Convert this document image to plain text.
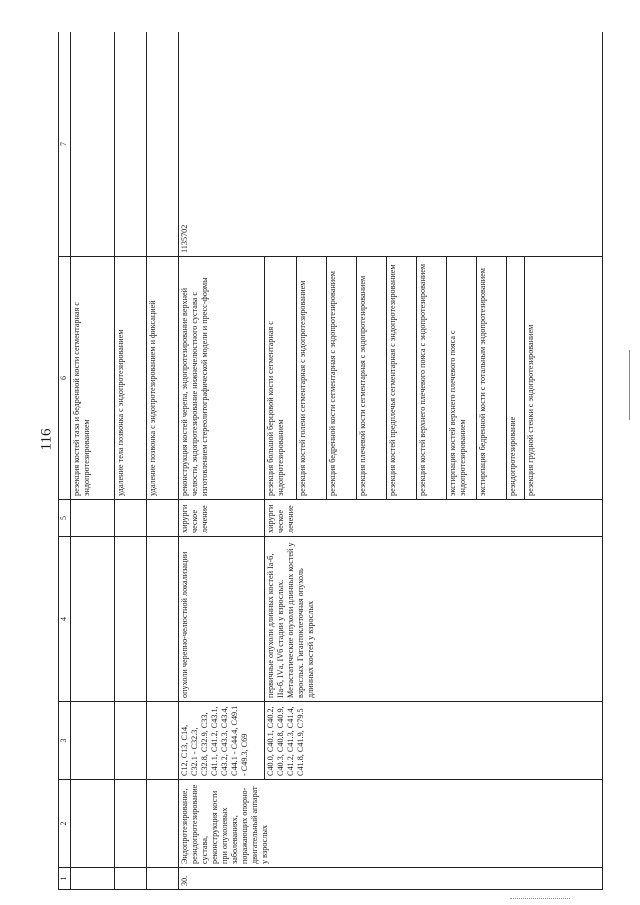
116
1	2	3	4	5	6	7
					резекция костей таза и бедренной кости сегментарная с эндопротезированием	
					удаление тела позвонка с эндопротезированием	
					удаление позвонка с эндопротезированием и фиксацией	
30.	Эндопротезирование, реэндопротезирование сустава, реконструкция кости при опухолевых заболеваниях, поражающих опорно-двигательный аппарат у взрослых	C12, C13, C14, C32.1 - C32.3, C32.8, C32.9, C33, C41.1, C41.2, C43.1, C43.2, C43.3, C43.4, C44.1 - C44.4, C49.1 - C49.3, C69	опухоли черепно-челюстной локализации	хирургическое лечение	реконструкция костей черепа, эндопротезирование верхней челюсти, эндопротезирование нижнечелюстного сустава с изготовлением стереолитографической модели и пресс-формы	1135702
		C40.0, C40.1, C40.2, C40.3, C40.8, C40.9, C41.2, C41.3, C41.4, C41.8, C41.9, C79.5	первичные опухоли длинных костей Iа-б, IIа-б, IVа, IVб стадии у взрослых. Метастатические опухоли длинных костей у взрослых. Гигантоклеточная опухоль длинных костей у взрослых	хирургическое лечение	резекция большой берцовой кости сегментарная с эндопротезированием	
					резекция костей голени сегментарная с эндопротезированием	
					резекция бедренной кости сегментарная с эндопротезированием	
					резекция плечевой кости сегментарная с эндопротезированием	
					резекция костей предплечья сегментарная с эндопротезированием	
					резекция костей верхнего плечевого пояса с эндопротезированием	
					экстирпация костей верхнего плечевого пояса с эндопротезированием	
					экстирпация бедренной кости с тотальным эндопротезированием	
					реэндопротезирование	
					резекция грудной стенки с эндопротезированием	
